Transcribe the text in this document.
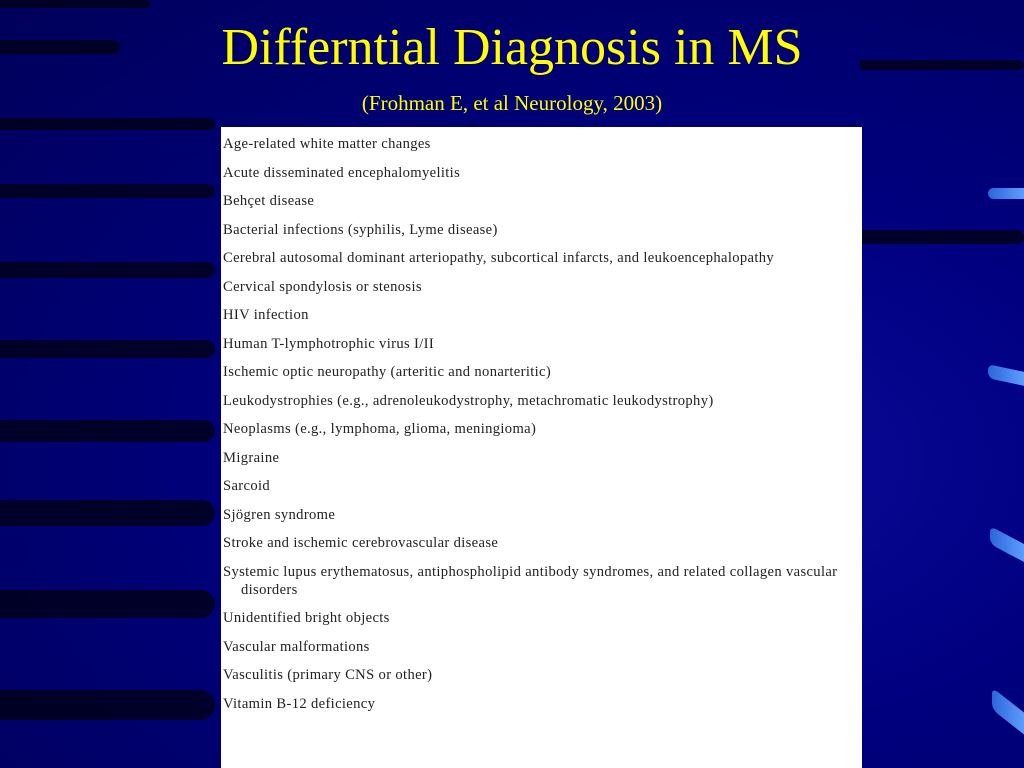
Differntial Diagnosis in MS
(Frohman E, et al Neurology, 2003)
Age-related white matter changes
Acute disseminated encephalomyelitis
Behçet disease
Bacterial infections (syphilis, Lyme disease)
Cerebral autosomal dominant arteriopathy, subcortical infarcts, and leukoencephalopathy
Cervical spondylosis or stenosis
HIV infection
Human T-lymphotrophic virus I/II
Ischemic optic neuropathy (arteritic and nonarteritic)
Leukodystrophies (e.g., adrenoleukodystrophy, metachromatic leukodystrophy)
Neoplasms (e.g., lymphoma, glioma, meningioma)
Migraine
Sarcoid
Sjögren syndrome
Stroke and ischemic cerebrovascular disease
Systemic lupus erythematosus, antiphospholipid antibody syndromes, and related collagen vascular disorders
Unidentified bright objects
Vascular malformations
Vasculitis (primary CNS or other)
Vitamin B-12 deficiency
